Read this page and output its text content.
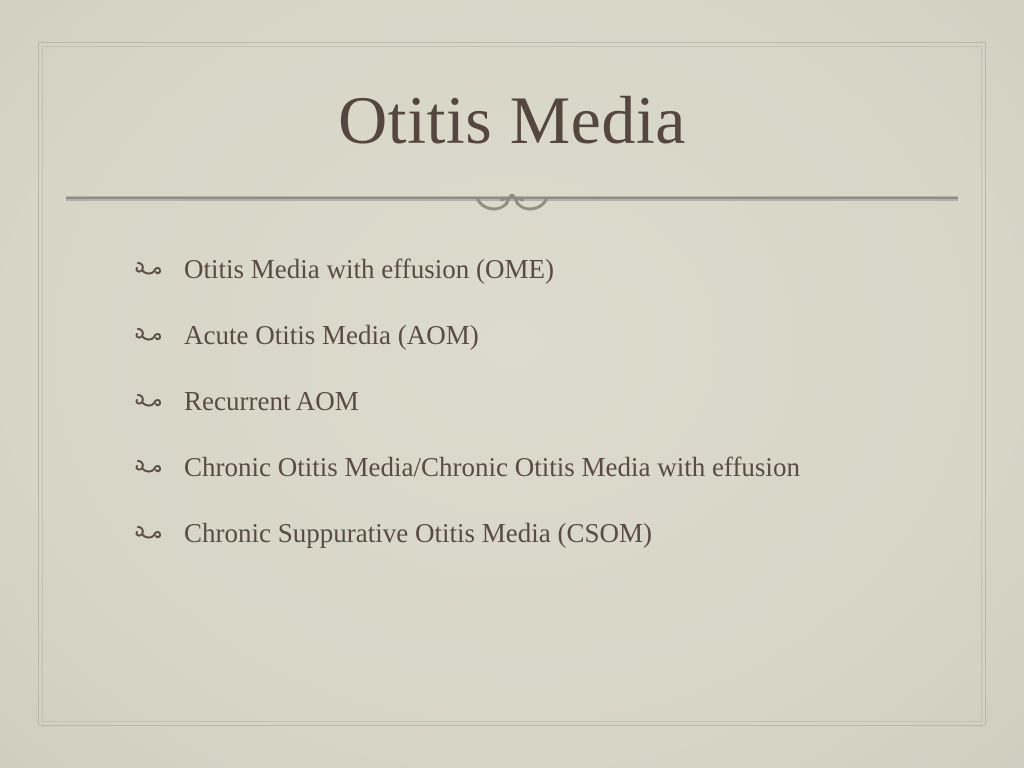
Otitis Media
Otitis Media with effusion (OME)
Acute Otitis Media (AOM)
Recurrent AOM
Chronic Otitis Media/Chronic Otitis Media with effusion
Chronic Suppurative Otitis Media (CSOM)
